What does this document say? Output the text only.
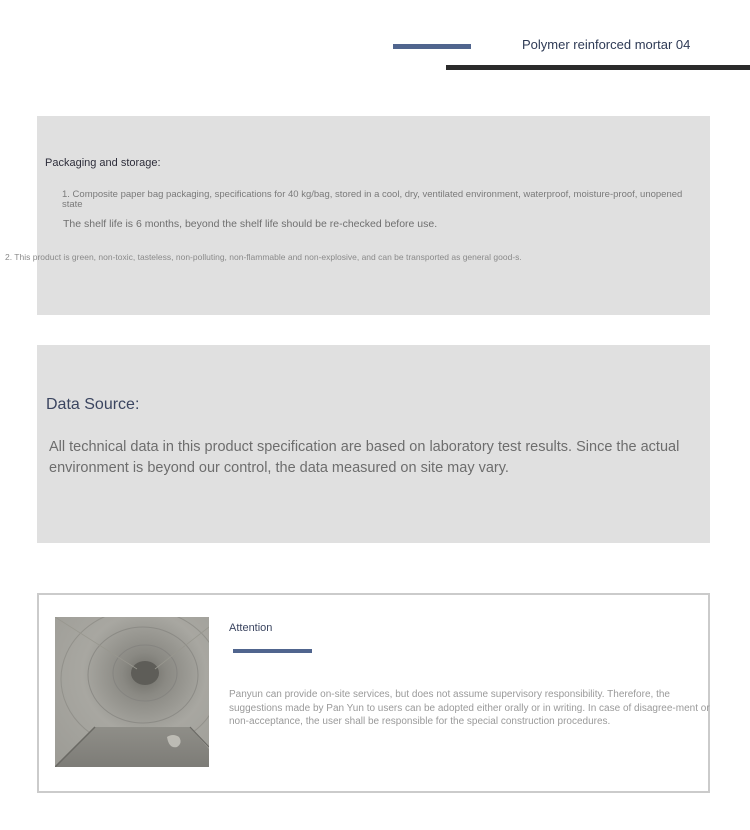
Polymer reinforced mortar 04
Packaging and storage:
1. Composite paper bag packaging, specifications for 40 kg/bag, stored in a cool, dry, ventilated environment, waterproof, moisture-proof, unopened state
The shelf life is 6 months, beyond the shelf life should be re-checked before use.
2. This product is green, non-toxic, tasteless, non-polluting, non-flammable and non-explosive, and can be transported as general good-s.
Data Source:
All technical data in this product specification are based on laboratory test results. Since the actual environment is beyond our control, the data measured on site may vary.
Attention
Panyun can provide on-site services, but does not assume supervisory responsibility. Therefore, the suggestions made by Pan Yun to users can be adopted either orally or in writing. In case of disagree-ment or non-acceptance, the user shall be responsible for the special construction procedures.
